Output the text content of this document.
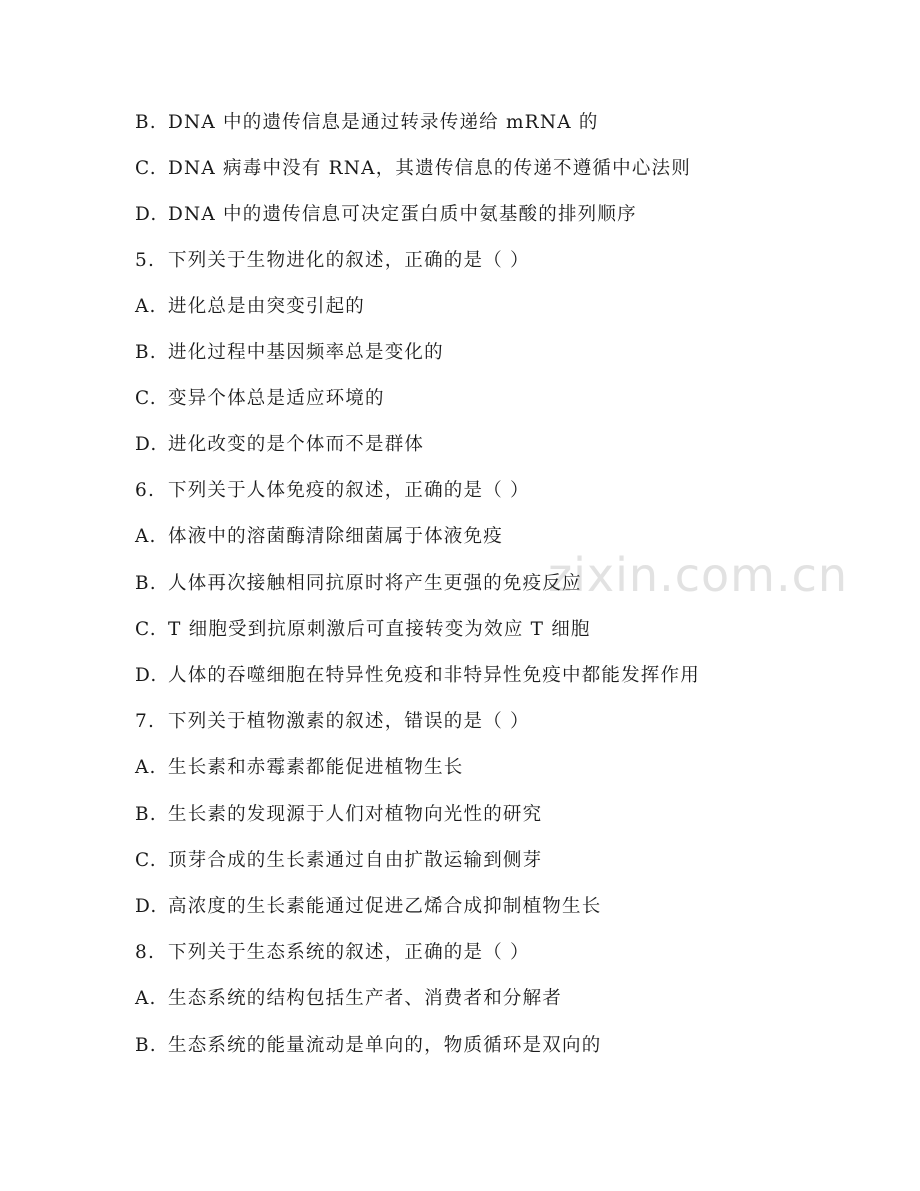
zixin.com.cn
B. DNA 中的遗传信息是通过转录传递给 mRNA 的
C. DNA 病毒中没有 RNA，其遗传信息的传递不遵循中心法则
D. DNA 中的遗传信息可决定蛋白质中氨基酸的排列顺序
5. 下列关于生物进化的叙述，正确的是（ ）
A. 进化总是由突变引起的
B. 进化过程中基因频率总是变化的
C. 变异个体总是适应环境的
D. 进化改变的是个体而不是群体
6. 下列关于人体免疫的叙述，正确的是（ ）
A. 体液中的溶菌酶清除细菌属于体液免疫
B. 人体再次接触相同抗原时将产生更强的免疫反应
C. T 细胞受到抗原刺激后可直接转变为效应 T 细胞
D. 人体的吞噬细胞在特异性免疫和非特异性免疫中都能发挥作用
7. 下列关于植物激素的叙述，错误的是（ ）
A. 生长素和赤霉素都能促进植物生长
B. 生长素的发现源于人们对植物向光性的研究
C. 顶芽合成的生长素通过自由扩散运输到侧芽
D. 高浓度的生长素能通过促进乙烯合成抑制植物生长
8. 下列关于生态系统的叙述，正确的是（ ）
A. 生态系统的结构包括生产者、消费者和分解者
B. 生态系统的能量流动是单向的，物质循环是双向的
